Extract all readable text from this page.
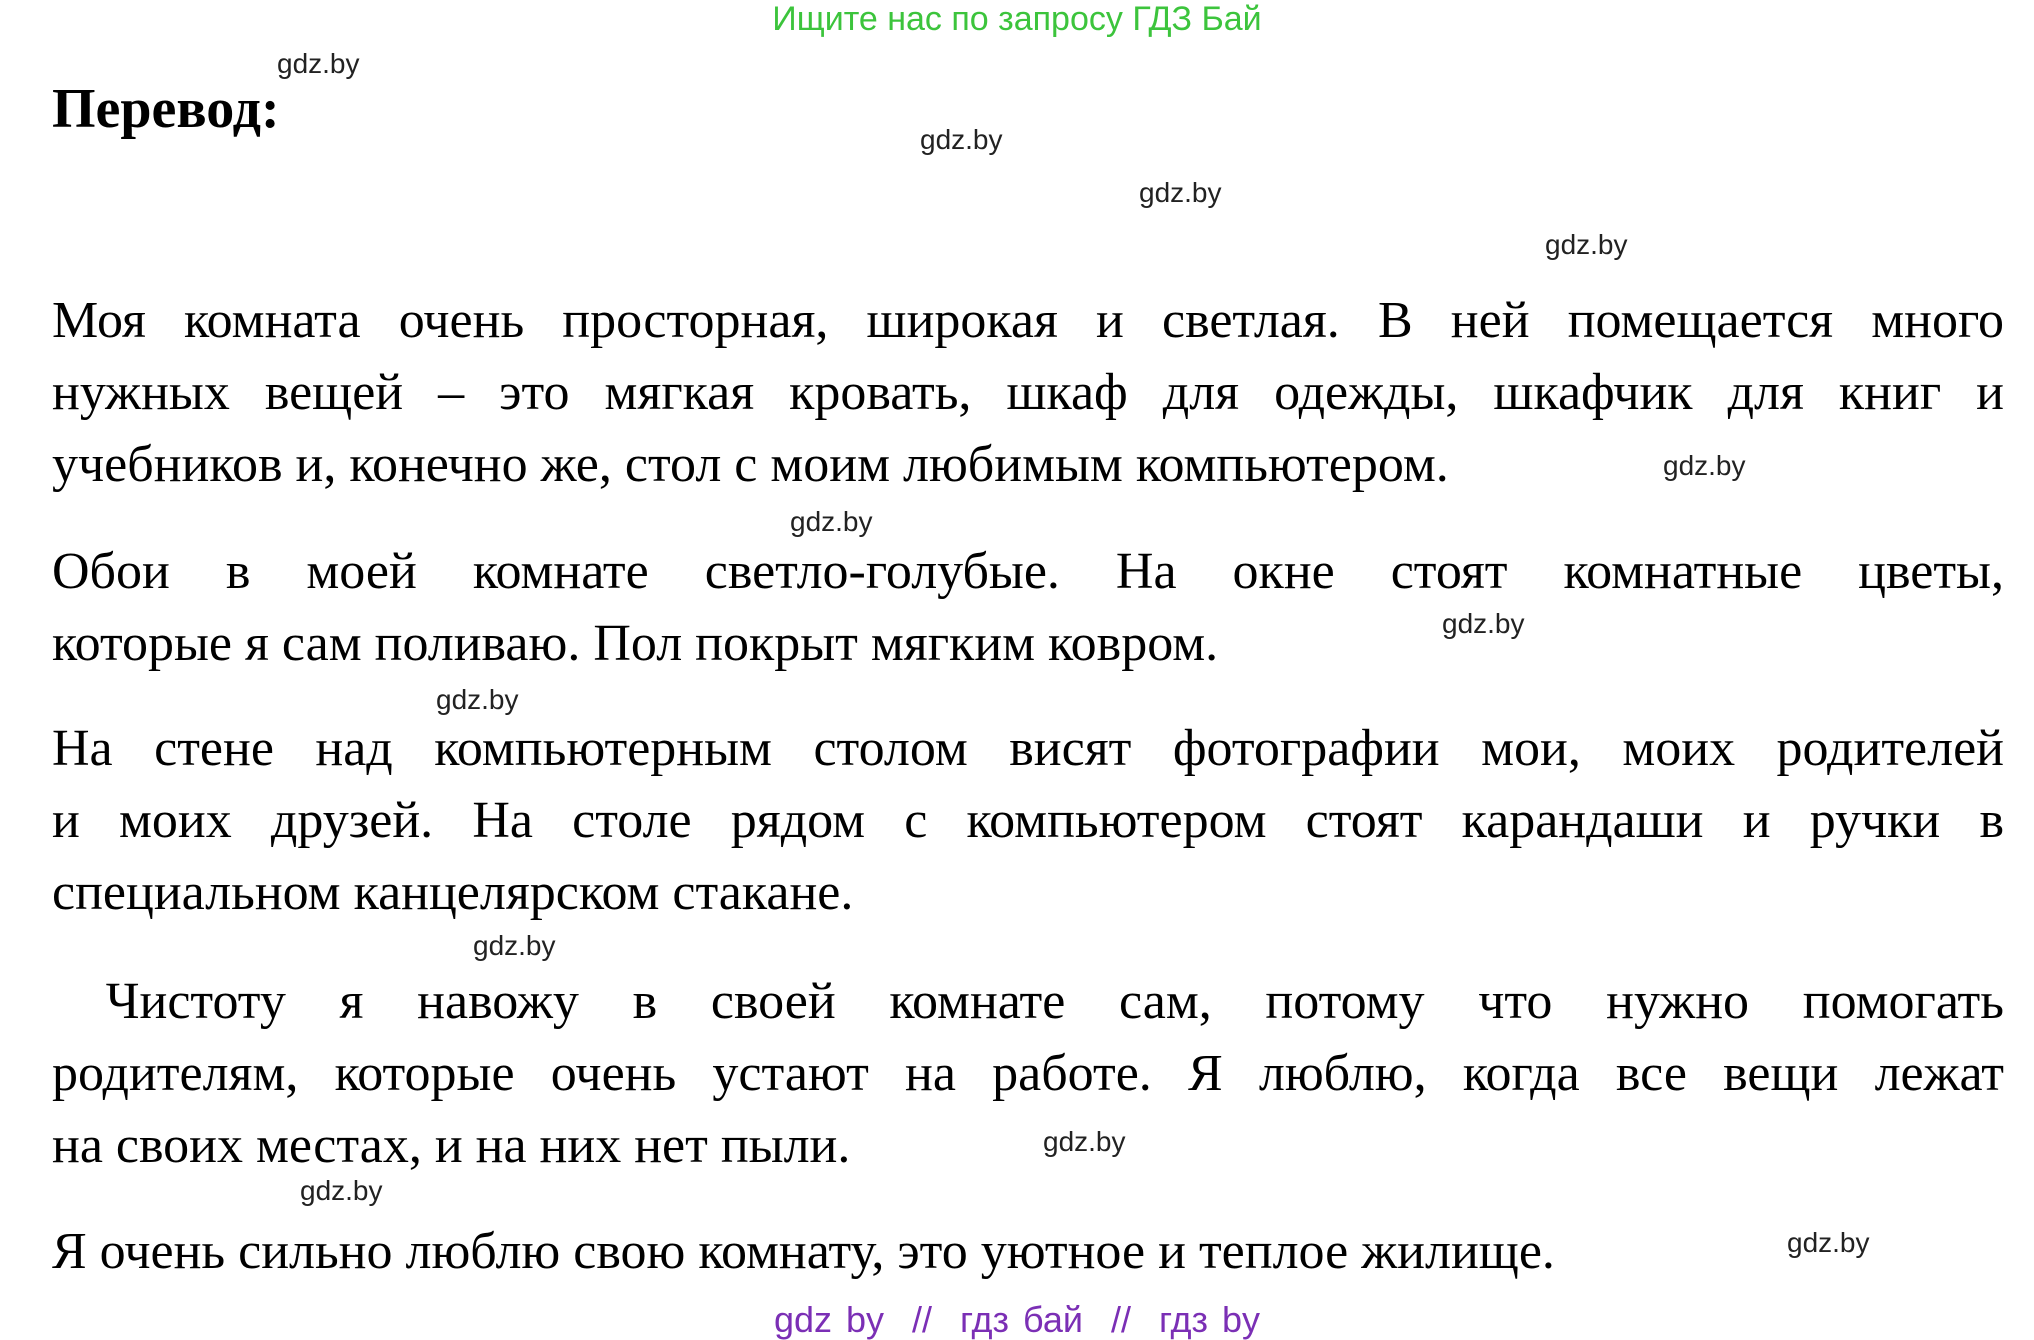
Ищите нас по запросу ГДЗ Бай
Перевод:
Моя комната очень просторная, широкая и светлая. В ней помещается много
нужных вещей – это мягкая кровать, шкаф для одежды, шкафчик для книг и
учебников и, конечно же, стол с моим любимым компьютером.
Обои в моей комнате светло-голубые. На окне стоят комнатные цветы,
которые я сам поливаю. Пол покрыт мягким ковром.
На стене над компьютерным столом висят фотографии мои, моих родителей
и моих друзей. На столе рядом с компьютером стоят карандаши и ручки в
специальном канцелярском стакане.
Чистоту я навожу в своей комнате сам, потому что нужно помогать
родителям, которые очень устают на работе. Я люблю, когда все вещи лежат
на своих местах, и на них нет пыли.
Я очень сильно люблю свою комнату, это уютное и теплое жилище.
gdz.by
gdz.by
gdz.by
gdz.by
gdz.by
gdz.by
gdz.by
gdz.by
gdz.by
gdz.by
gdz.by
gdz.by
gdz by  //  гдз бай  //  гдз by
